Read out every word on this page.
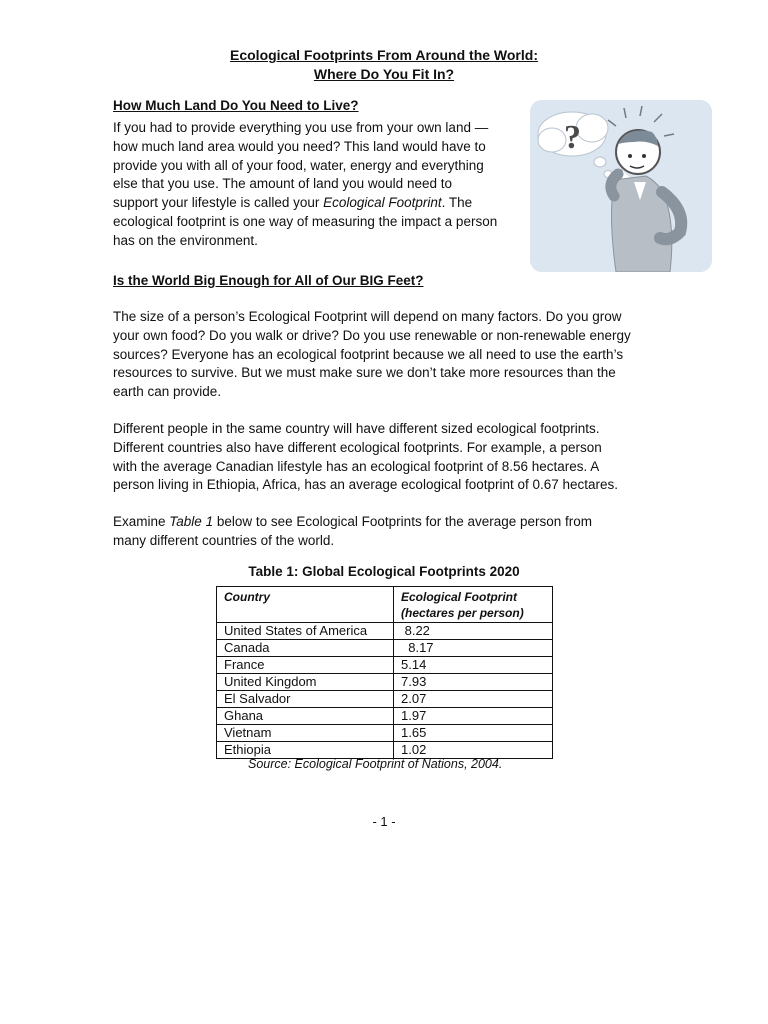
Ecological Footprints From Around the World:
Where Do You Fit In?
How Much Land Do You Need to Live?
If you had to provide everything you use from your own land —
how much land area would you need? This land would have to
provide you with all of your food, water, energy and everything
else that you use. The amount of land you would need to
support your lifestyle is called your Ecological Footprint. The
ecological footprint is one way of measuring the impact a person
has on the environment.
?
Is the World Big Enough for All of Our BIG Feet?
The size of a person’s Ecological Footprint will depend on many factors. Do you grow
your own food? Do you walk or drive? Do you use renewable or non-renewable energy
sources? Everyone has an ecological footprint because we all need to use the earth’s
resources to survive. But we must make sure we don’t take more resources than the
earth can provide.
Different people in the same country will have different sized ecological footprints.
Different countries also have different ecological footprints. For example, a person
with the average Canadian lifestyle has an ecological footprint of 8.56 hectares. A
person living in Ethiopia, Africa, has an average ecological footprint of 0.67 hectares.
Examine Table 1 below to see Ecological Footprints for the average person from
many different countries of the world.
Table 1: Global Ecological Footprints 2020
Country	Ecological Footprint
(hectares per person)
United States of America	8.22
Canada	8.17
France	5.14
United Kingdom	7.93
El Salvador	2.07
Ghana	1.97
Vietnam	1.65
Ethiopia	1.02
Source: Ecological Footprint of Nations, 2004.
- 1 -
